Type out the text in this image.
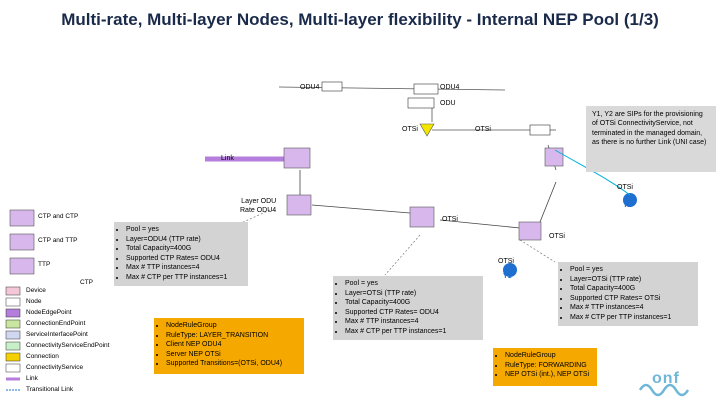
Multi-rate, Multi-layer Nodes, Multi-layer flexibility - Internal NEP Pool (1/3)
ODU4	ODU4
ODU
OTSi	OTSi
Link
Layer ODU
Rate ODU4
OTSi
OTSi
OTSi
OTSi
Y1
Y2
Y1, Y2 are SIPs for the provisioning of OTSi ConnectivityService, not terminated in the managed domain, as there is no further Link (UNI case)
• Pool = yes
• Layer=ODU4 (TTP rate)
• Total Capacity=400G
• Supported CTP Rates= ODU4
• Max # TTP instances=4
• Max # CTP per TTP instances=1
• Pool = yes
• Layer=OTSi (TTP rate)
• Total Capacity=400G
• Supported CTP Rates= ODU4
• Max # TTP instances=4
• Max # CTP per TTP instances=1
• Pool = yes
• Layer=OTSi (TTP rate)
• Total Capacity=400G
• Supported CTP Rates= OTSi
• Max # TTP instances=4
• Max # CTP per TTP instances=1
• NodeRuleGroup
• RuleType: LAYER_TRANSITION
• Client NEP ODU4
• Server NEP OTSi
• Supported Transitions=(OTSi, ODU4)
• NodeRuleGroup
• RuleType: FORWARDING
• NEP OTSi (int.), NEP OTSi
CTP and CTP
CTP and TTP
TTP
CTP
Device
Node
NodeEdgePoint
ConnectionEndPoint
ServiceInterfacePoint
ConnectivityServiceEndPoint
Connection
ConnectivityService
Link
Transitional Link
onf
